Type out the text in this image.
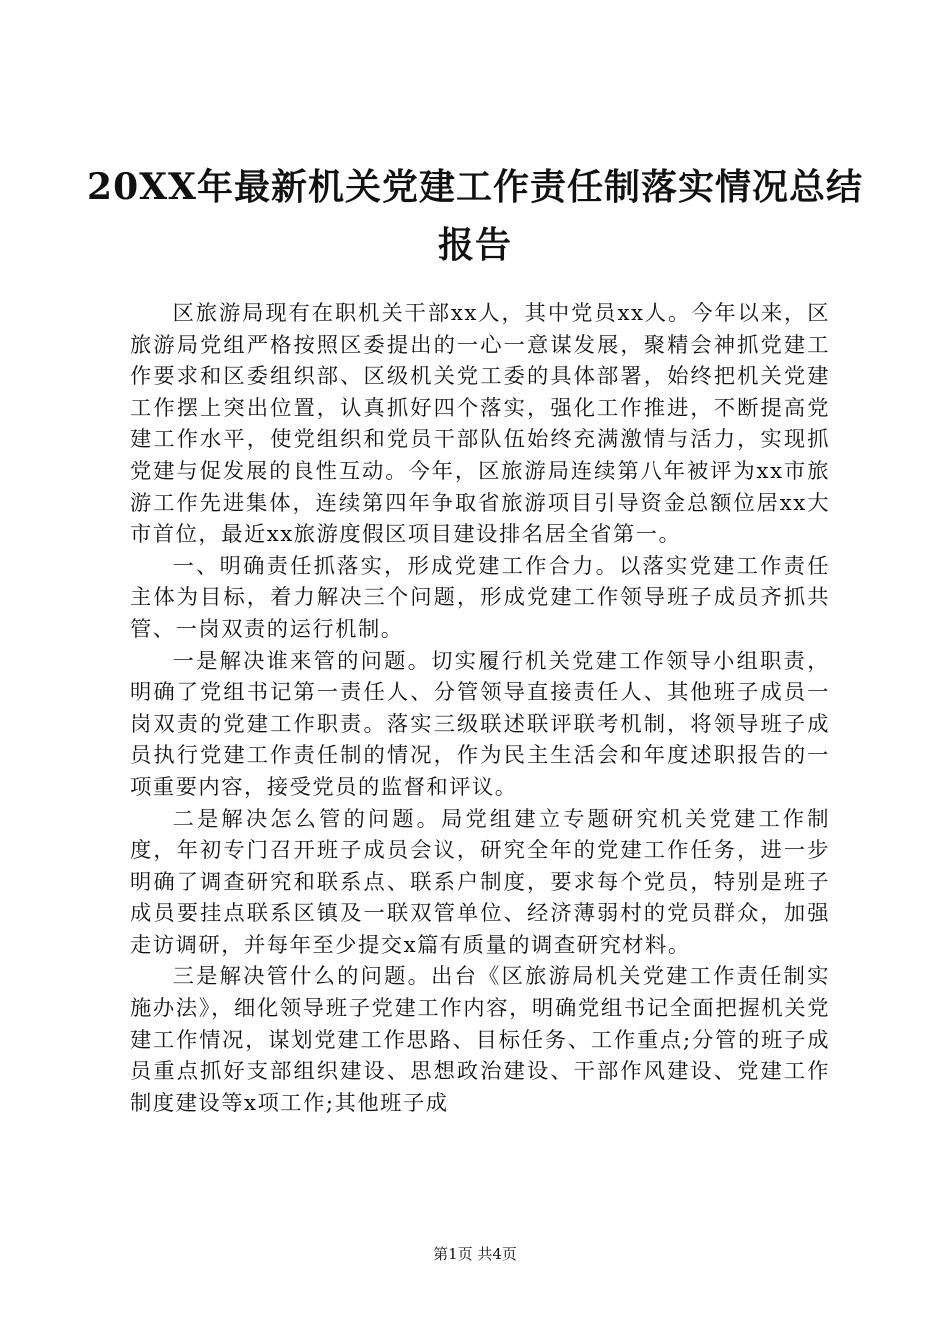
20XX年最新机关党建工作责任制落实情况总结报告

区旅游局现有在职机关干部xx人，其中党员xx人。今年以来，区旅游局党组严格按照区委提出的一心一意谋发展，聚精会神抓党建工作要求和区委组织部、区级机关党工委的具体部署，始终把机关党建工作摆上突出位置，认真抓好四个落实，强化工作推进，不断提高党建工作水平，使党组织和党员干部队伍始终充满激情与活力，实现抓党建与促发展的良性互动。今年，区旅游局连续第八年被评为xx市旅游工作先进集体，连续第四年争取省旅游项目引导资金总额位居xx大市首位，最近xx旅游度假区项目建设排名居全省第一。

一、明确责任抓落实，形成党建工作合力。以落实党建工作责任主体为目标，着力解决三个问题，形成党建工作领导班子成员齐抓共管、一岗双责的运行机制。

一是解决谁来管的问题。切实履行机关党建工作领导小组职责，明确了党组书记第一责任人、分管领导直接责任人、其他班子成员一岗双责的党建工作职责。落实三级联述联评联考机制，将领导班子成员执行党建工作责任制的情况，作为民主生活会和年度述职报告的一项重要内容，接受党员的监督和评议。

二是解决怎么管的问题。局党组建立专题研究机关党建工作制度，年初专门召开班子成员会议，研究全年的党建工作任务，进一步明确了调查研究和联系点、联系户制度，要求每个党员，特别是班子成员要挂点联系区镇及一联双管单位、经济薄弱村的党员群众，加强走访调研，并每年至少提交x篇有质量的调查研究材料。

三是解决管什么的问题。出台《区旅游局机关党建工作责任制实施办法》，细化领导班子党建工作内容，明确党组书记全面把握机关党建工作情况，谋划党建工作思路、目标任务、工作重点;分管的班子成员重点抓好支部组织建设、思想政治建设、干部作风建设、党建工作制度建设等x项工作;其他班子成

第1页 共4页
